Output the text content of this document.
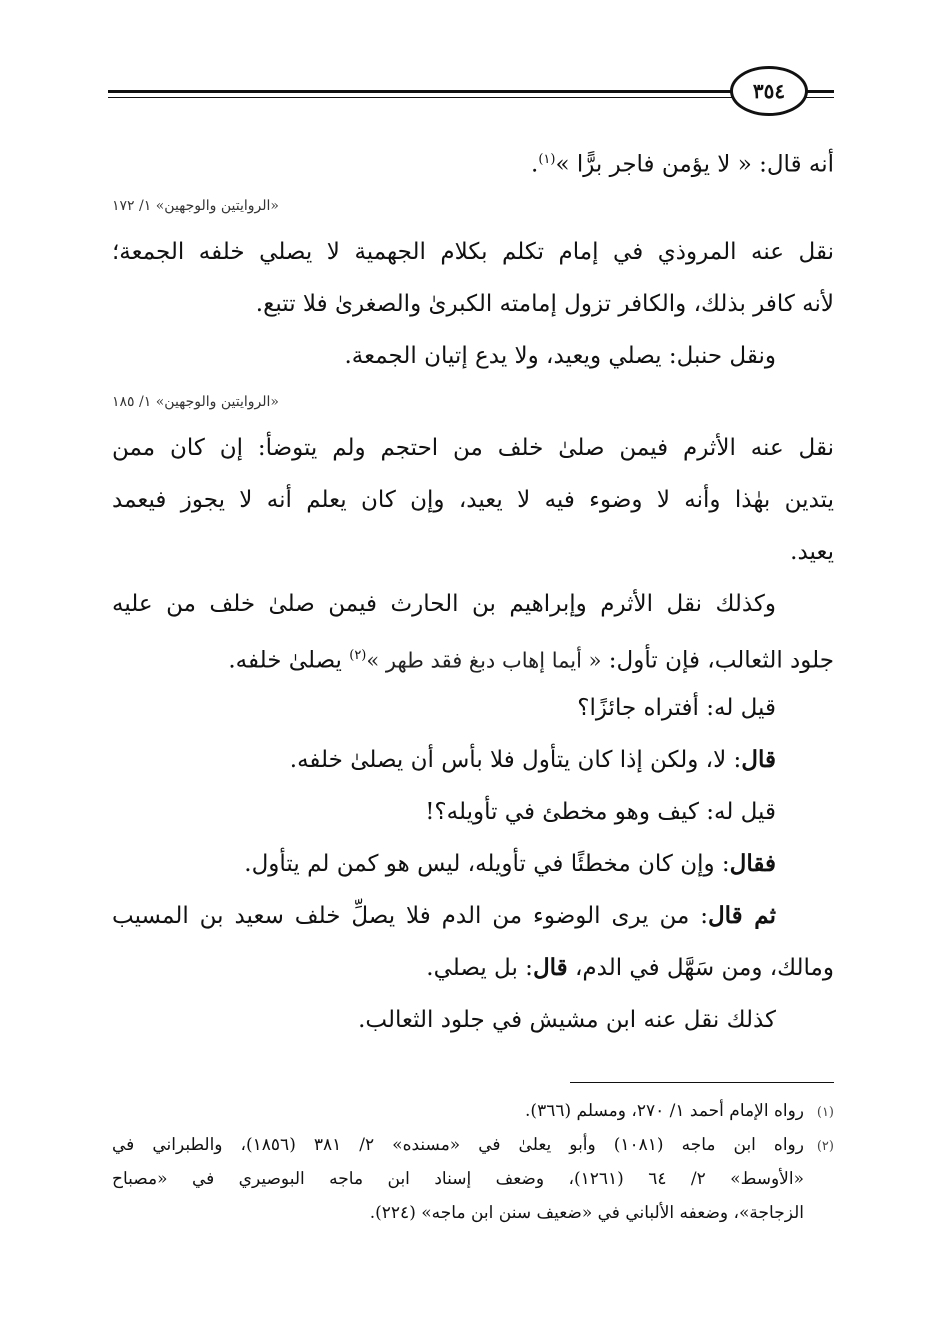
٣٥٤
أنه قال: « لا يؤمن فاجر برًّا »$^{(١)}$.
«الروايتين والوجهين» ١/ ١٧٢
نقل عنه المروذي في إمام تكلم بكلام الجهمية لا يصلي خلفه الجمعة؛
لأنه كافر بذلك، والكافر تزول إمامته الكبرىٰ والصغرىٰ فلا تتبع.
ونقل حنبل: يصلي ويعيد، ولا يدع إتيان الجمعة.
«الروايتين والوجهين» ١/ ١٨٥
نقل عنه الأثرم فيمن صلىٰ خلف من احتجم ولم يتوضأ: إن كان ممن
يتدين بهٰذا وأنه لا وضوء فيه لا يعيد، وإن كان يعلم أنه لا يجوز فيعمد
يعيد.
وكذلك نقل الأثرم وإبراهيم بن الحارث فيمن صلىٰ خلف من عليه
جلود الثعالب، فإن تأول: « أيما إهاب دبغ فقد طهر »$^{(٢)}$ يصلىٰ خلفه.
قيل له: أفتراه جائزًا؟
قال: لا، ولكن إذا كان يتأول فلا بأس أن يصلىٰ خلفه.
قيل له: كيف وهو مخطئ في تأويله؟!
فقال: وإن كان مخطئًا في تأويله، ليس هو كمن لم يتأول.
ثم قال: من يرى الوضوء من الدم فلا يصلِّ خلف سعيد بن المسيب
ومالك، ومن سَهَّل في الدم، قال: بل يصلي.
كذلك نقل عنه ابن مشيش في جلود الثعالب.
(١)رواه الإمام أحمد ١/ ٢٧٠، ومسلم (٣٦٦).
(٢)رواه ابن ماجه (١٠٨١) وأبو يعلىٰ في «مسنده» ٢/ ٣٨١ (١٨٥٦)، والطبراني في
«الأوسط» ٢/ ٦٤ (١٢٦١)، وضعف إسناد ابن ماجه البوصيري في «مصباح
الزجاجة»، وضعفه الألباني في «ضعيف سنن ابن ماجه» (٢٢٤).
